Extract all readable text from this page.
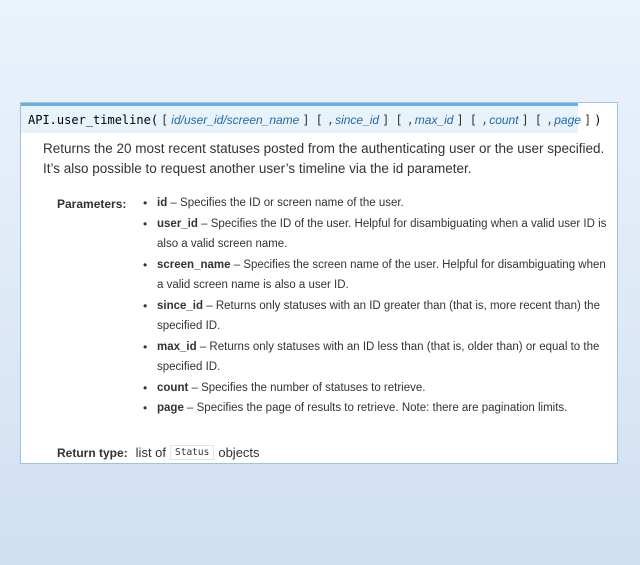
API.user_timeline( [ id/user_id/screen_name ] [ , since_id ] [ , max_id ] [ , count ] [ , page ] )
Returns the 20 most recent statuses posted from the authenticating user or the user specified. It’s also possible to request another user’s timeline via the id parameter.
Parameters: • id – Specifies the ID or screen name of the user.
• user_id – Specifies the ID of the user. Helpful for disambiguating when a valid user ID is also a valid screen name.
• screen_name – Specifies the screen name of the user. Helpful for disambiguating when a valid screen name is also a user ID.
• since_id – Returns only statuses with an ID greater than (that is, more recent than) the specified ID.
• max_id – Returns only statuses with an ID less than (that is, older than) or equal to the specified ID.
• count – Specifies the number of statuses to retrieve.
• page – Specifies the page of results to retrieve. Note: there are pagination limits.
Return type: list of Status objects
